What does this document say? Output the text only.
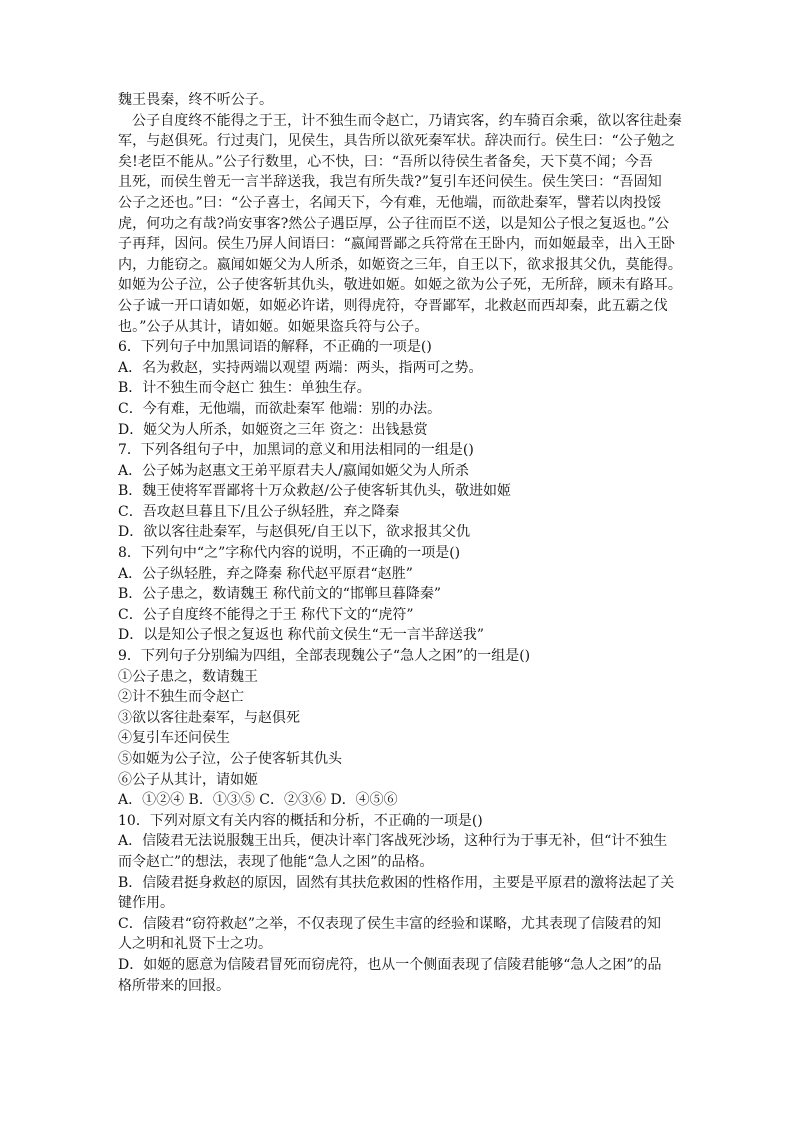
魏王畏秦，终不听公子。
公子自度终不能得之于王，计不独生而令赵亡，乃请宾客，约车骑百余乘，欲以客往赴秦
军，与赵俱死。行过夷门，见侯生，具告所以欲死秦军状。辞决而行。侯生曰：“公子勉之
矣!老臣不能从。”公子行数里，心不快，曰：“吾所以待侯生者备矣，天下莫不闻；今吾
且死，而侯生曾无一言半辞送我，我岂有所失哉?”复引车还问侯生。侯生笑曰：“吾固知
公子之还也。”曰：“公子喜士，名闻天下，今有难，无他端，而欲赴秦军，譬若以肉投馁
虎，何功之有哉?尚安事客?然公子遇臣厚，公子往而臣不送，以是知公子恨之复返也。”公
子再拜，因问。侯生乃屏人间语曰：“嬴闻晋鄙之兵符常在王卧内，而如姬最幸，出入王卧
内，力能窃之。嬴闻如姬父为人所杀，如姬资之三年，自王以下，欲求报其父仇，莫能得。
如姬为公子泣，公子使客斩其仇头，敬进如姬。如姬之欲为公子死，无所辞，顾未有路耳。
公子诚一开口请如姬，如姬必许诺，则得虎符，夺晋鄙军，北救赵而西却秦，此五霸之伐
也。”公子从其计，请如姬。如姬果盗兵符与公子。
6．下列句子中加黑词语的解释，不正确的一项是()
A．名为救赵，实持两端以观望 两端：两头，指两可之势。
B．计不独生而令赵亡 独生：单独生存。
C．今有难，无他端，而欲赴秦军 他端：别的办法。
D．姬父为人所杀，如姬资之三年 资之：出钱悬赏
7．下列各组句子中，加黑词的意义和用法相同的一组是()
A．公子姊为赵惠文王弟平原君夫人/嬴闻如姬父为人所杀
B．魏王使将军晋鄙将十万众救赵/公子使客斩其仇头，敬进如姬
C．吾攻赵旦暮且下/且公子纵轻胜，弃之降秦
D．欲以客往赴秦军，与赵俱死/自王以下，欲求报其父仇
8．下列句中“之”字称代内容的说明，不正确的一项是()
A．公子纵轻胜，弃之降秦 称代赵平原君“赵胜”
B．公子患之，数请魏王 称代前文的“邯郸旦暮降秦”
C．公子自度终不能得之于王 称代下文的“虎符”
D．以是知公子恨之复返也 称代前文侯生“无一言半辞送我”
9．下列句子分别编为四组，全部表现魏公子“急人之困”的一组是()
①公子患之，数请魏王
②计不独生而令赵亡
③欲以客往赴秦军，与赵俱死
④复引车还问侯生
⑤如姬为公子泣，公子使客斩其仇头
⑥公子从其计，请如姬
A．①②④ B．①③⑤ C．②③⑥ D．④⑤⑥
10．下列对原文有关内容的概括和分析，不正确的一项是()
A．信陵君无法说服魏王出兵，便决计率门客战死沙场，这种行为于事无补，但“计不独生
而令赵亡”的想法，表现了他能“急人之困”的品格。
B．信陵君挺身救赵的原因，固然有其扶危救困的性格作用，主要是平原君的激将法起了关
键作用。
C．信陵君“窃符救赵”之举，不仅表现了侯生丰富的经验和谋略，尤其表现了信陵君的知
人之明和礼贤下士之功。
D．如姬的愿意为信陵君冒死而窃虎符，也从一个侧面表现了信陵君能够“急人之困”的品
格所带来的回报。
